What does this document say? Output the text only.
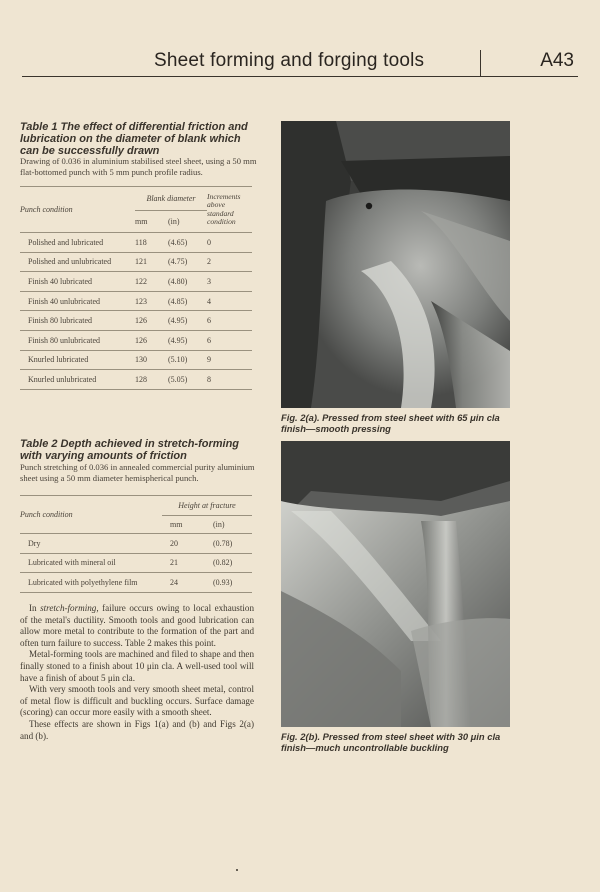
Sheet forming and forging tools	A43
Table 1 The effect of differential friction and lubrication on the diameter of blank which can be successfully drawn
Drawing of 0.036 in aluminium stabilised steel sheet, using a 50 mm flat-bottomed punch with 5 mm punch profile radius.
Punch condition	Blank diameter		Increments above standard condition
	mm	(in)	
Polished and lubricated	118	(4.65)	0
Polished and unlubricated	121	(4.75)	2
Finish 40 lubricated	122	(4.80)	3
Finish 40 unlubricated	123	(4.85)	4
Finish 80 lubricated	126	(4.95)	6
Finish 80 unlubricated	126	(4.95)	6
Knurled lubricated	130	(5.10)	9
Knurled unlubricated	128	(5.05)	8
Table 2 Depth achieved in stretch-forming with varying amounts of friction
Punch stretching of 0.036 in annealed commercial purity aluminium sheet using a 50 mm diameter hemispherical punch.
Punch condition	Height at fracture	
	mm	(in)
Dry	20	(0.78)
Lubricated with mineral oil	21	(0.82)
Lubricated with polyethylene film	24	(0.93)

In stretch-forming, failure occurs owing to local exhaustion of the metal's ductility. Smooth tools and good lubrication can allow more metal to contribute to the formation of the part and often turn failure to success. Table 2 makes this point.

Metal-forming tools are machined and filed to shape and then finally stoned to a finish about 10 μin cla. A well-used tool will have a finish of about 5 μin cla.

With very smooth tools and very smooth sheet metal, control of metal flow is difficult and buckling occurs. Surface damage (scoring) can occur more easily with a smooth sheet.

These effects are shown in Figs 1(a) and (b) and Figs 2(a) and (b).

Fig. 2(a). Pressed from steel sheet with 65 μin cla finish—smooth pressing
Fig. 2(b). Pressed from steel sheet with 30 μin cla finish—much uncontrollable buckling
